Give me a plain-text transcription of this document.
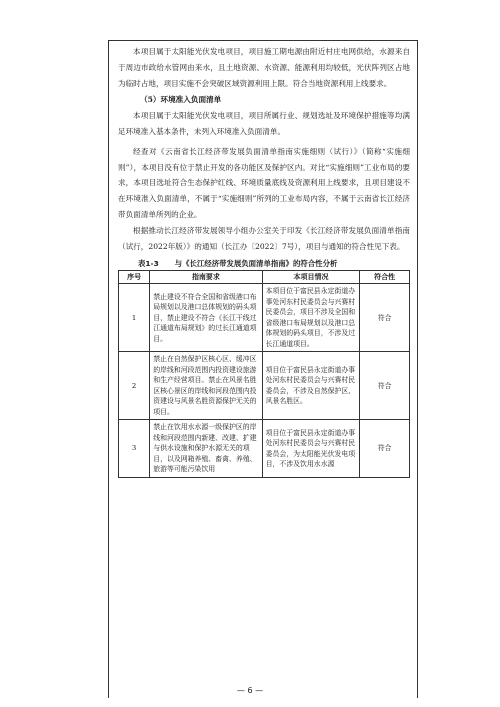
本项目属于太阳能光伏发电项目，项目施工期电源由附近村庄电网供给，水源来自于周边市政给水管网由来水，且土地资源、水资源、能源利用均较低，光伏阵列区占地为临时占地，项目实施不会突破区域资源利用上限。符合当地资源利用上线要求。

（5）环境准入负面清单

本项目属于太阳能光伏发电项目，项目所属行业、规划选址及环境保护措施等均满足环境准入基本条件，未列入环境准入负面清单。

经查对《云南省长江经济带发展负面清单指南实施细则（试行）》（简称“实施细则”），本项目没有位于禁止开发的各功能区及保护区内。对比“实施细则”工业布局的要求，本项目选址符合生态保护红线、环境质量底线及资源利用上线要求，且项目建设不在环境准入负面清单，不属于“实施细则”所列的工业布局内容，不属于云南省长江经济带负面清单所列的企业。

根据推动长江经济带发展领导小组办公室关于印发《长江经济带发展负面清单指南（试行，2022年版）》的通知（长江办〔2022〕7号），项目与通知的符合性见下表。

表1-3 与《长江经济带发展负面清单指南》的符合性分析
序号	指南要求	本项目情况	符合性
1	禁止建设不符合全国和省级港口布局规划以及港口总体规划的码头项目，禁止建设不符合《长江干线过江通道布局规划》的过长江通道项目。	本项目位于富民县永定街道办事处河东村民委员会与兴赛村民委员会，项目不涉及全国和省级港口布局规划以及港口总体规划的码头项目，不涉及过长江通道项目。	符合
2	禁止在自然保护区核心区、缓冲区的岸线和河段范围内投资建设旅游和生产经营项目。禁止在风景名胜区核心景区的岸线和河段范围内投资建设与风景名胜资源保护无关的项目。	项目位于富民县永定街道办事处河东村民委员会与兴赛村民委员会，不涉及自然保护区、风景名胜区。	符合
3	禁止在饮用水水源一级保护区的岸线和河段范围内新建、改建、扩建与供水设施和保护水源无关的项目，以及网箱养殖、畜禽、养殖、旅游等可能污染饮用	项目位于富民县永定街道办事处河东村民委员会与兴赛村民委员会，为太阳能光伏发电项目，不涉及饮用水水源	符合
— 6 —
